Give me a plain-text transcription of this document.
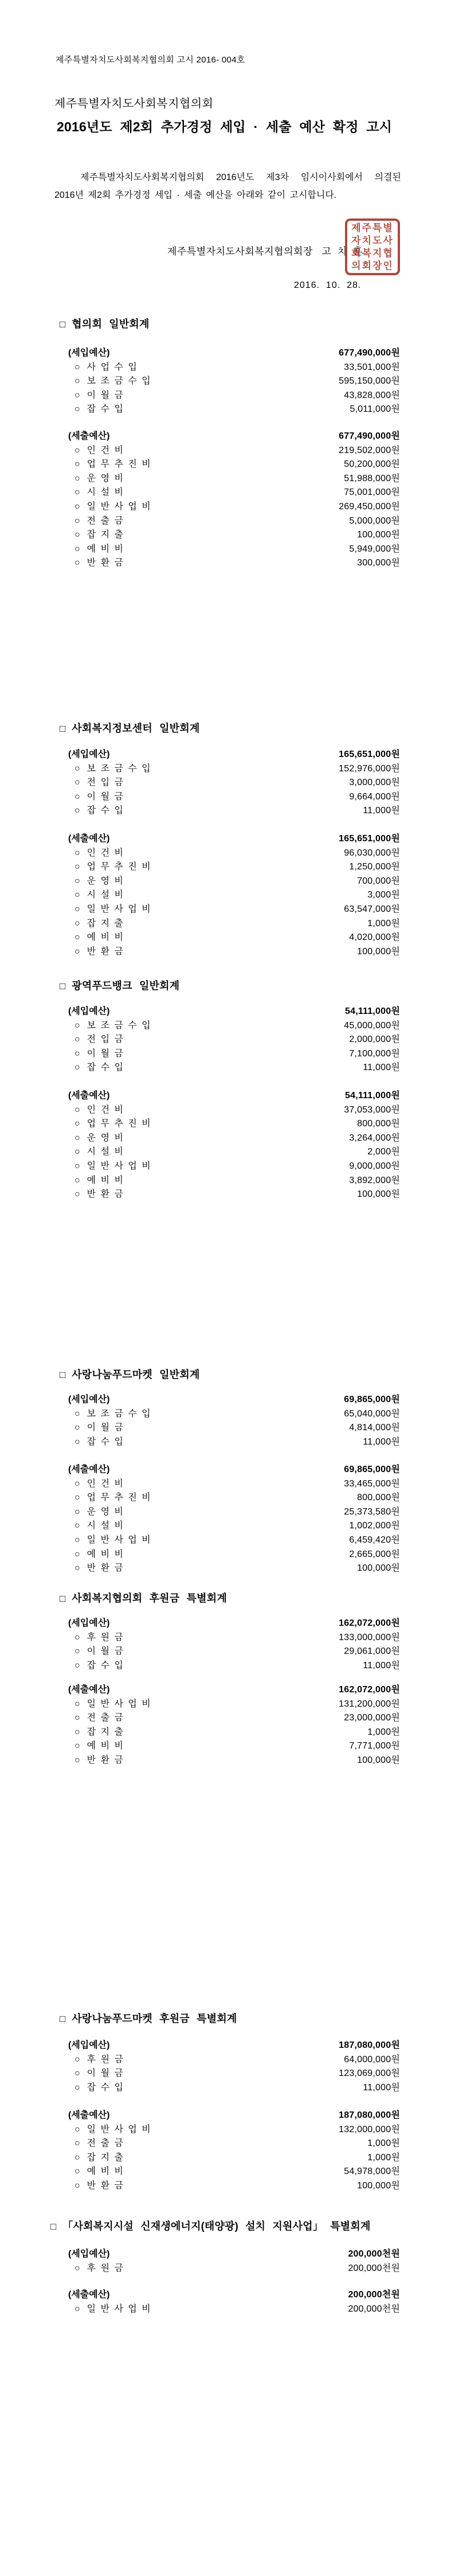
제주특별자치도사회복지협의회 고시 2016- 004호
제주특별자치도사회복지협의회
2016년도 제2회 추가경정 세입 · 세출 예산 확정 고시
제주특별자치도사회복지협의회 2016년도 제3차 임시이사회에서 의결된
2016년 제2회 추가경정 세입 · 세출 예산을 아래와 같이 고시합니다.
제주특별자치도사회복지협의회장   고  치  훈
제주특별
자치도사
회복지협
의회장인
2016.  10.  28.
□ 협의회 일반회계
(세입예산)	677,490,000원
○ 사 업 수 입	33,501,000원
○ 보 조 금 수 입	595,150,000원
○ 이 월 금	43,828,000원
○ 잡 수 입	5,011,000원
(세출예산)	677,490,000원
○ 인 건 비	219,502,000원
○ 업 무 추 진 비	50,200,000원
○ 운 영 비	51,988,000원
○ 시 설 비	75,001,000원
○ 일 반 사 업 비	269,450,000원
○ 전 출 금	5,000,000원
○ 잡 지 출	100,000원
○ 예 비 비	5,949,000원
○ 반 환 금	300,000원
□ 사회복지정보센터 일반회계
(세입예산)	165,651,000원
○ 보 조 금 수 입	152,976,000원
○ 전 입 금	3,000,000원
○ 이 월 금	9,664,000원
○ 잡 수 입	11,000원
(세출예산)	165,651,000원
○ 인 건 비	96,030,000원
○ 업 무 추 진 비	1,250,000원
○ 운 영 비	700,000원
○ 시 설 비	3,000원
○ 일 반 사 업 비	63,547,000원
○ 잡 지 출	1,000원
○ 예 비 비	4,020,000원
○ 반 환 금	100,000원
□ 광역푸드뱅크 일반회계
(세입예산)	54,111,000원
○ 보 조 금 수 입	45,000,000원
○ 전 입 금	2,000,000원
○ 이 월 금	7,100,000원
○ 잡 수 입	11,000원
(세출예산)	54,111,000원
○ 인 건 비	37,053,000원
○ 업 무 추 진 비	800,000원
○ 운 영 비	3,264,000원
○ 시 설 비	2,000원
○ 일 반 사 업 비	9,000,000원
○ 예 비 비	3,892,000원
○ 반 환 금	100,000원
□ 사랑나눔푸드마켓 일반회계
(세입예산)	69,865,000원
○ 보 조 금 수 입	65,040,000원
○ 이 월 금	4,814,000원
○ 잡 수 입	11,000원
(세출예산)	69,865,000원
○ 인 건 비	33,465,000원
○ 업 무 추 진 비	800,000원
○ 운 영 비	25,373,580원
○ 시 설 비	1,002,000원
○ 일 반 사 업 비	6,459,420원
○ 예 비 비	2,665,000원
○ 반 환 금	100,000원
□ 사회복지협의회 후원금 특별회계
(세입예산)	162,072,000원
○ 후 원 금	133,000,000원
○ 이 월 금	29,061,000원
○ 잡 수 입	11,000원
(세출예산)	162,072,000원
○ 일 반 사 업 비	131,200,000원
○ 전 출 금	23,000,000원
○ 잡 지 출	1,000원
○ 예 비 비	7,771,000원
○ 반 환 금	100,000원
□ 사랑나눔푸드마켓 후원금 특별회계
(세입예산)	187,080,000원
○ 후 원 금	64,000,000원
○ 이 월 금	123,069,000원
○ 잡 수 입	11,000원
(세출예산)	187,080,000원
○ 일 반 사 업 비	132,000,000원
○ 전 출 금	1,000원
○ 잡 지 출	1,000원
○ 예 비 비	54,978,000원
○ 반 환 금	100,000원
□ 「사회복지시설 신재생에너지(태양광) 설치 지원사업」 특별회계
(세입예산)	200,000천원
○ 후 원 금	200,000천원
(세출예산)	200,000천원
○ 일 반 사 업 비	200,000천원
